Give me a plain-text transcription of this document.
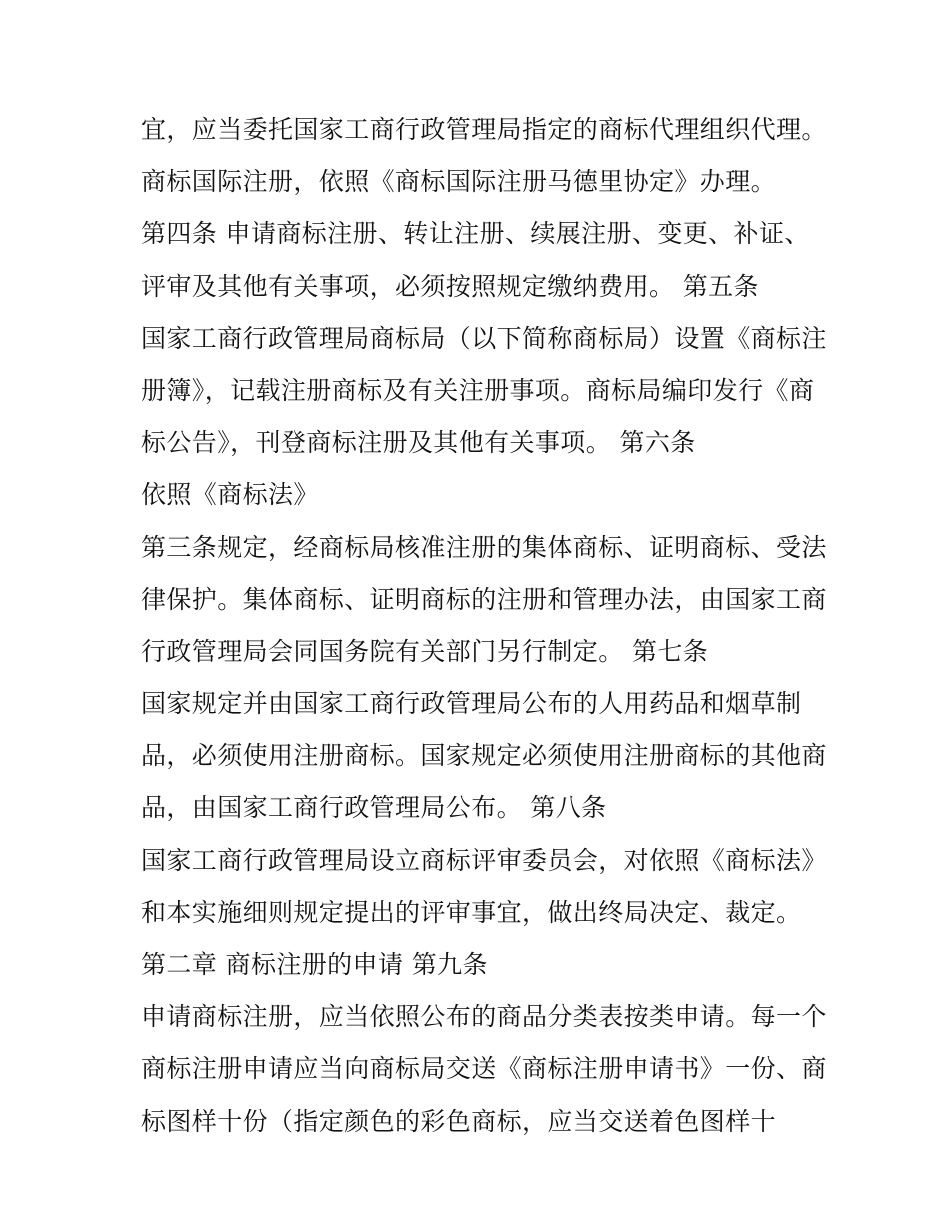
宜，应当委托国家工商行政管理局指定的商标代理组织代理。
商标国际注册，依照《商标国际注册马德里协定》办理。
第四条 申请商标注册、转让注册、续展注册、变更、补证、
评审及其他有关事项，必须按照规定缴纳费用。 第五条
国家工商行政管理局商标局（以下简称商标局）设置《商标注
册簿》，记载注册商标及有关注册事项。商标局编印发行《商
标公告》，刊登商标注册及其他有关事项。 第六条
依照《商标法》
第三条规定，经商标局核准注册的集体商标、证明商标、受法
律保护。集体商标、证明商标的注册和管理办法，由国家工商
行政管理局会同国务院有关部门另行制定。 第七条
国家规定并由国家工商行政管理局公布的人用药品和烟草制
品，必须使用注册商标。国家规定必须使用注册商标的其他商
品，由国家工商行政管理局公布。 第八条
国家工商行政管理局设立商标评审委员会，对依照《商标法》
和本实施细则规定提出的评审事宜，做出终局决定、裁定。
第二章 商标注册的申请 第九条
申请商标注册，应当依照公布的商品分类表按类申请。每一个
商标注册申请应当向商标局交送《商标注册申请书》一份、商
标图样十份（指定颜色的彩色商标，应当交送着色图样十
